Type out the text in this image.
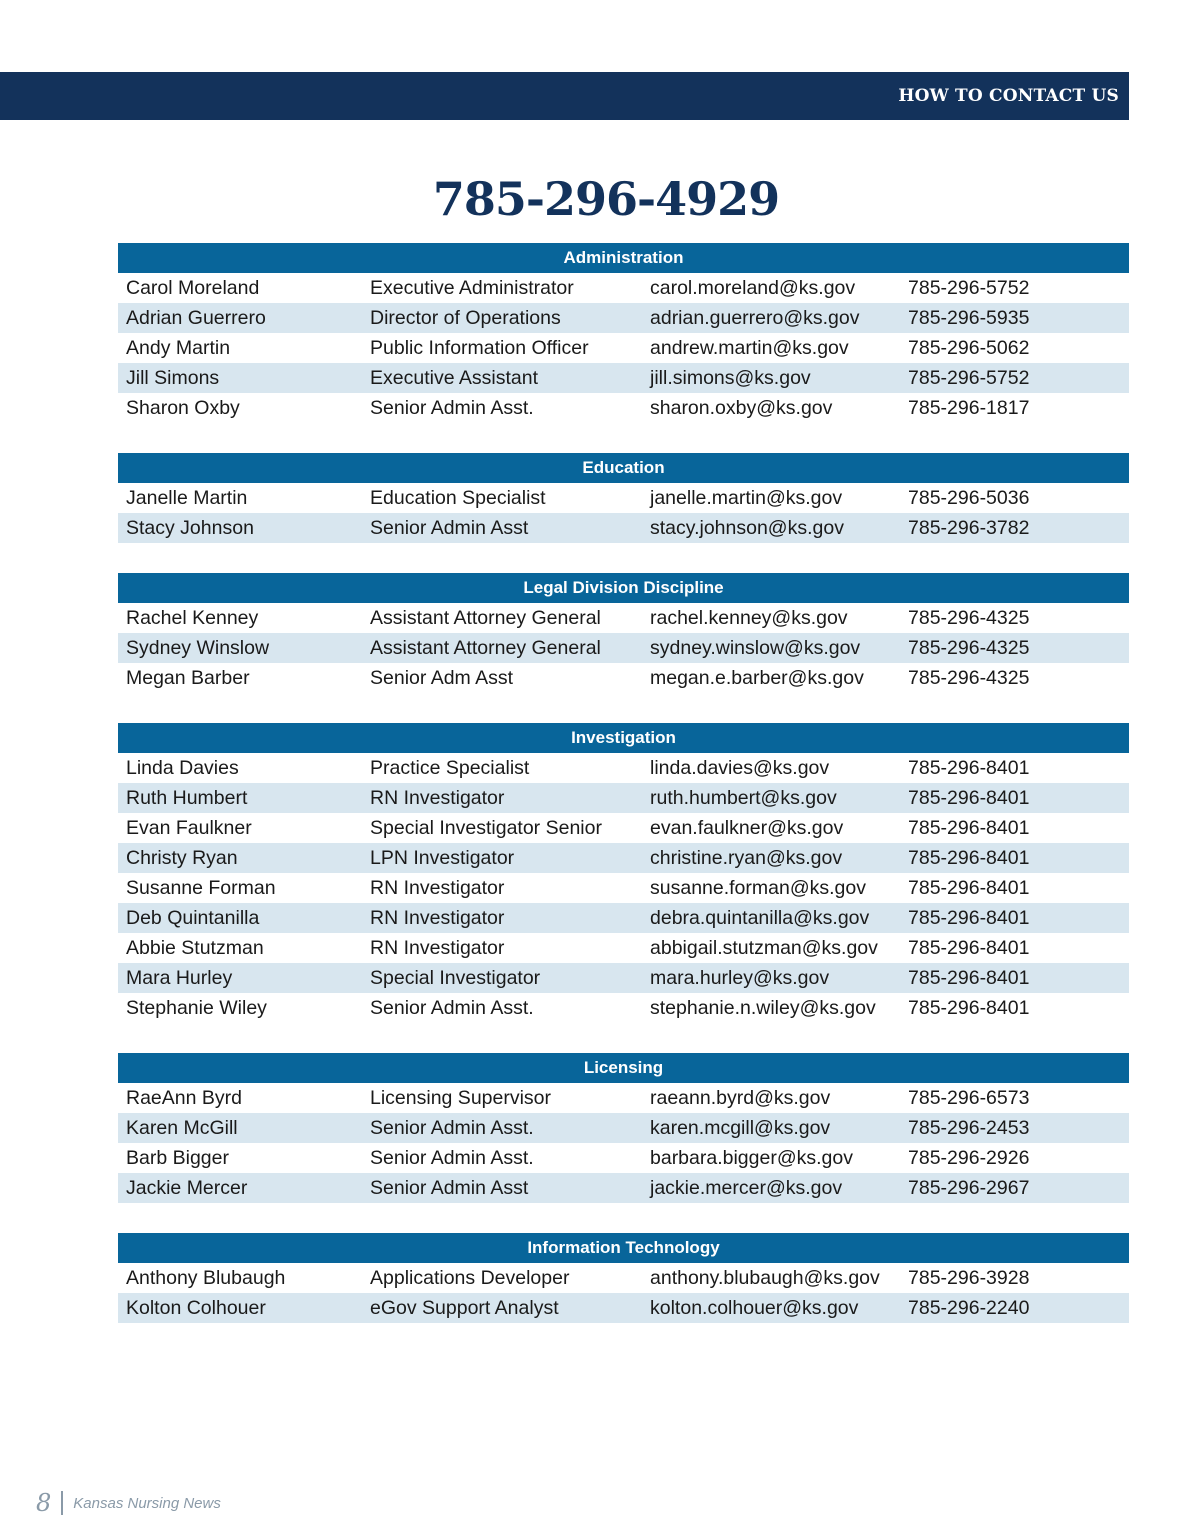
HOW TO CONTACT US
785-296-4929
Administration
Carol Moreland	Executive Administrator	carol.moreland@ks.gov	785-296-5752
Adrian Guerrero	Director of Operations	adrian.guerrero@ks.gov 785-296-5935
Andy Martin	Public Information Officer	andrew.martin@ks.gov	785-296-5062
Jill Simons	Executive Assistant	jill.simons@ks.gov	785-296-5752
Sharon Oxby	Senior Admin Asst.	sharon.oxby@ks.gov	785-296-1817
Education
Janelle Martin	Education Specialist	janelle.martin@ks.gov	785-296-5036
Stacy Johnson	Senior Admin Asst	stacy.johnson@ks.gov	785-296-3782
Legal Division Discipline
Rachel Kenney	Assistant Attorney General	rachel.kenney@ks.gov	785-296-4325
Sydney Winslow	Assistant Attorney General	sydney.winslow@ks.gov 785-296-4325
Megan Barber	Senior Adm Asst	megan.e.barber@ks.gov 785-296-4325
Investigation
Linda Davies	Practice Specialist	linda.davies@ks.gov	785-296-8401
Ruth Humbert	RN Investigator	ruth.humbert@ks.gov	785-296-8401
Evan Faulkner	Special Investigator Senior evan.faulkner@ks.gov	785-296-8401
Christy Ryan	LPN Investigator	christine.ryan@ks.gov	785-296-8401
Susanne Forman	RN Investigator	susanne.forman@ks.gov 785-296-8401
Deb Quintanilla	RN Investigator	debra.quintanilla@ks.gov 785-296-8401
Abbie Stutzman	RN Investigator	abbigail.stutzman@ks.gov 785-296-8401
Mara Hurley	Special Investigator	mara.hurley@ks.gov	785-296-8401
Stephanie Wiley	Senior Admin Asst.	stephanie.n.wiley@ks.gov 785-296-8401
Licensing
RaeAnn Byrd	Licensing Supervisor	raeann.byrd@ks.gov	785-296-6573
Karen McGill	Senior Admin Asst.	karen.mcgill@ks.gov	785-296-2453
Barb Bigger	Senior Admin Asst.	barbara.bigger@ks.gov	785-296-2926
Jackie Mercer	Senior Admin Asst	jackie.mercer@ks.gov	785-296-2967
Information Technology
Anthony Blubaugh	Applications Developer	anthony.blubaugh@ks.gov 785-296-3928
Kolton Colhouer	eGov Support Analyst	kolton.colhouer@ks.gov	785-296-2240
8 Kansas Nursing News
